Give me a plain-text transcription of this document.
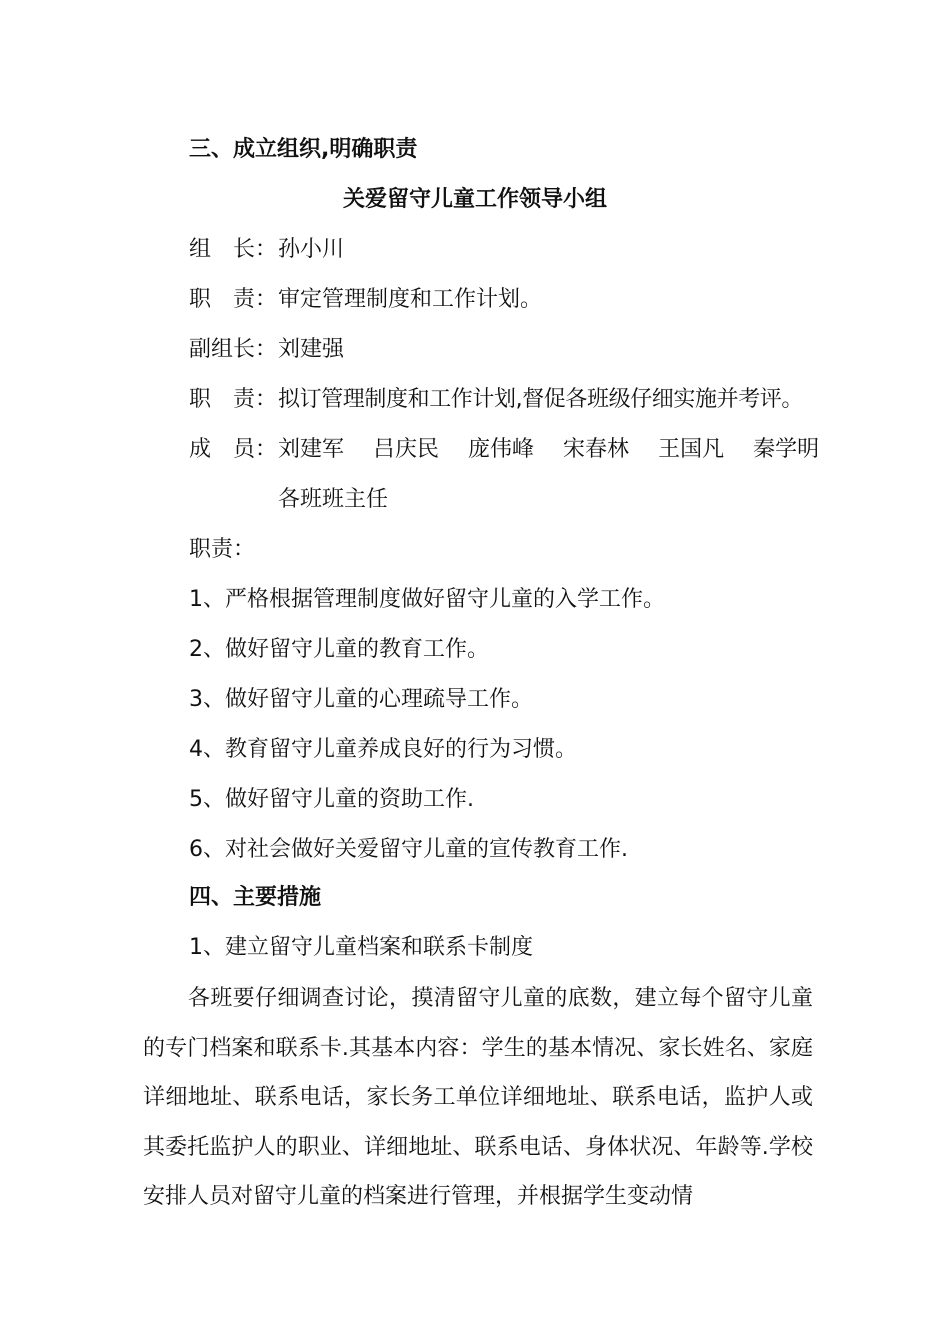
三、成立组织,明确职责
关爱留守儿童工作领导小组
组　长： 孙小川
职　责： 审定管理制度和工作计划。
副组长： 刘建强
职　责： 拟订管理制度和工作计划,督促各班级仔细实施并考评。
成　员： 刘建军 吕庆民 庞伟峰 宋春林 王国凡 秦学明
各班班主任
职责：
1、严格根据管理制度做好留守儿童的入学工作。
2、做好留守儿童的教育工作。
3、做好留守儿童的心理疏导工作。
4、教育留守儿童养成良好的行为习惯。
5、做好留守儿童的资助工作.
6、对社会做好关爱留守儿童的宣传教育工作.
四、主要措施
1、建立留守儿童档案和联系卡制度
各班要仔细调查讨论，摸清留守儿童的底数，建立每个留守儿童的专门档案和联系卡.其基本内容：学生的基本情况、家长姓名、家庭详细地址、联系电话，家长务工单位详细地址、联系电话，监护人或其委托监护人的职业、详细地址、联系电话、身体状况、年龄等.学校安排人员对留守儿童的档案进行管理，并根据学生变动情
